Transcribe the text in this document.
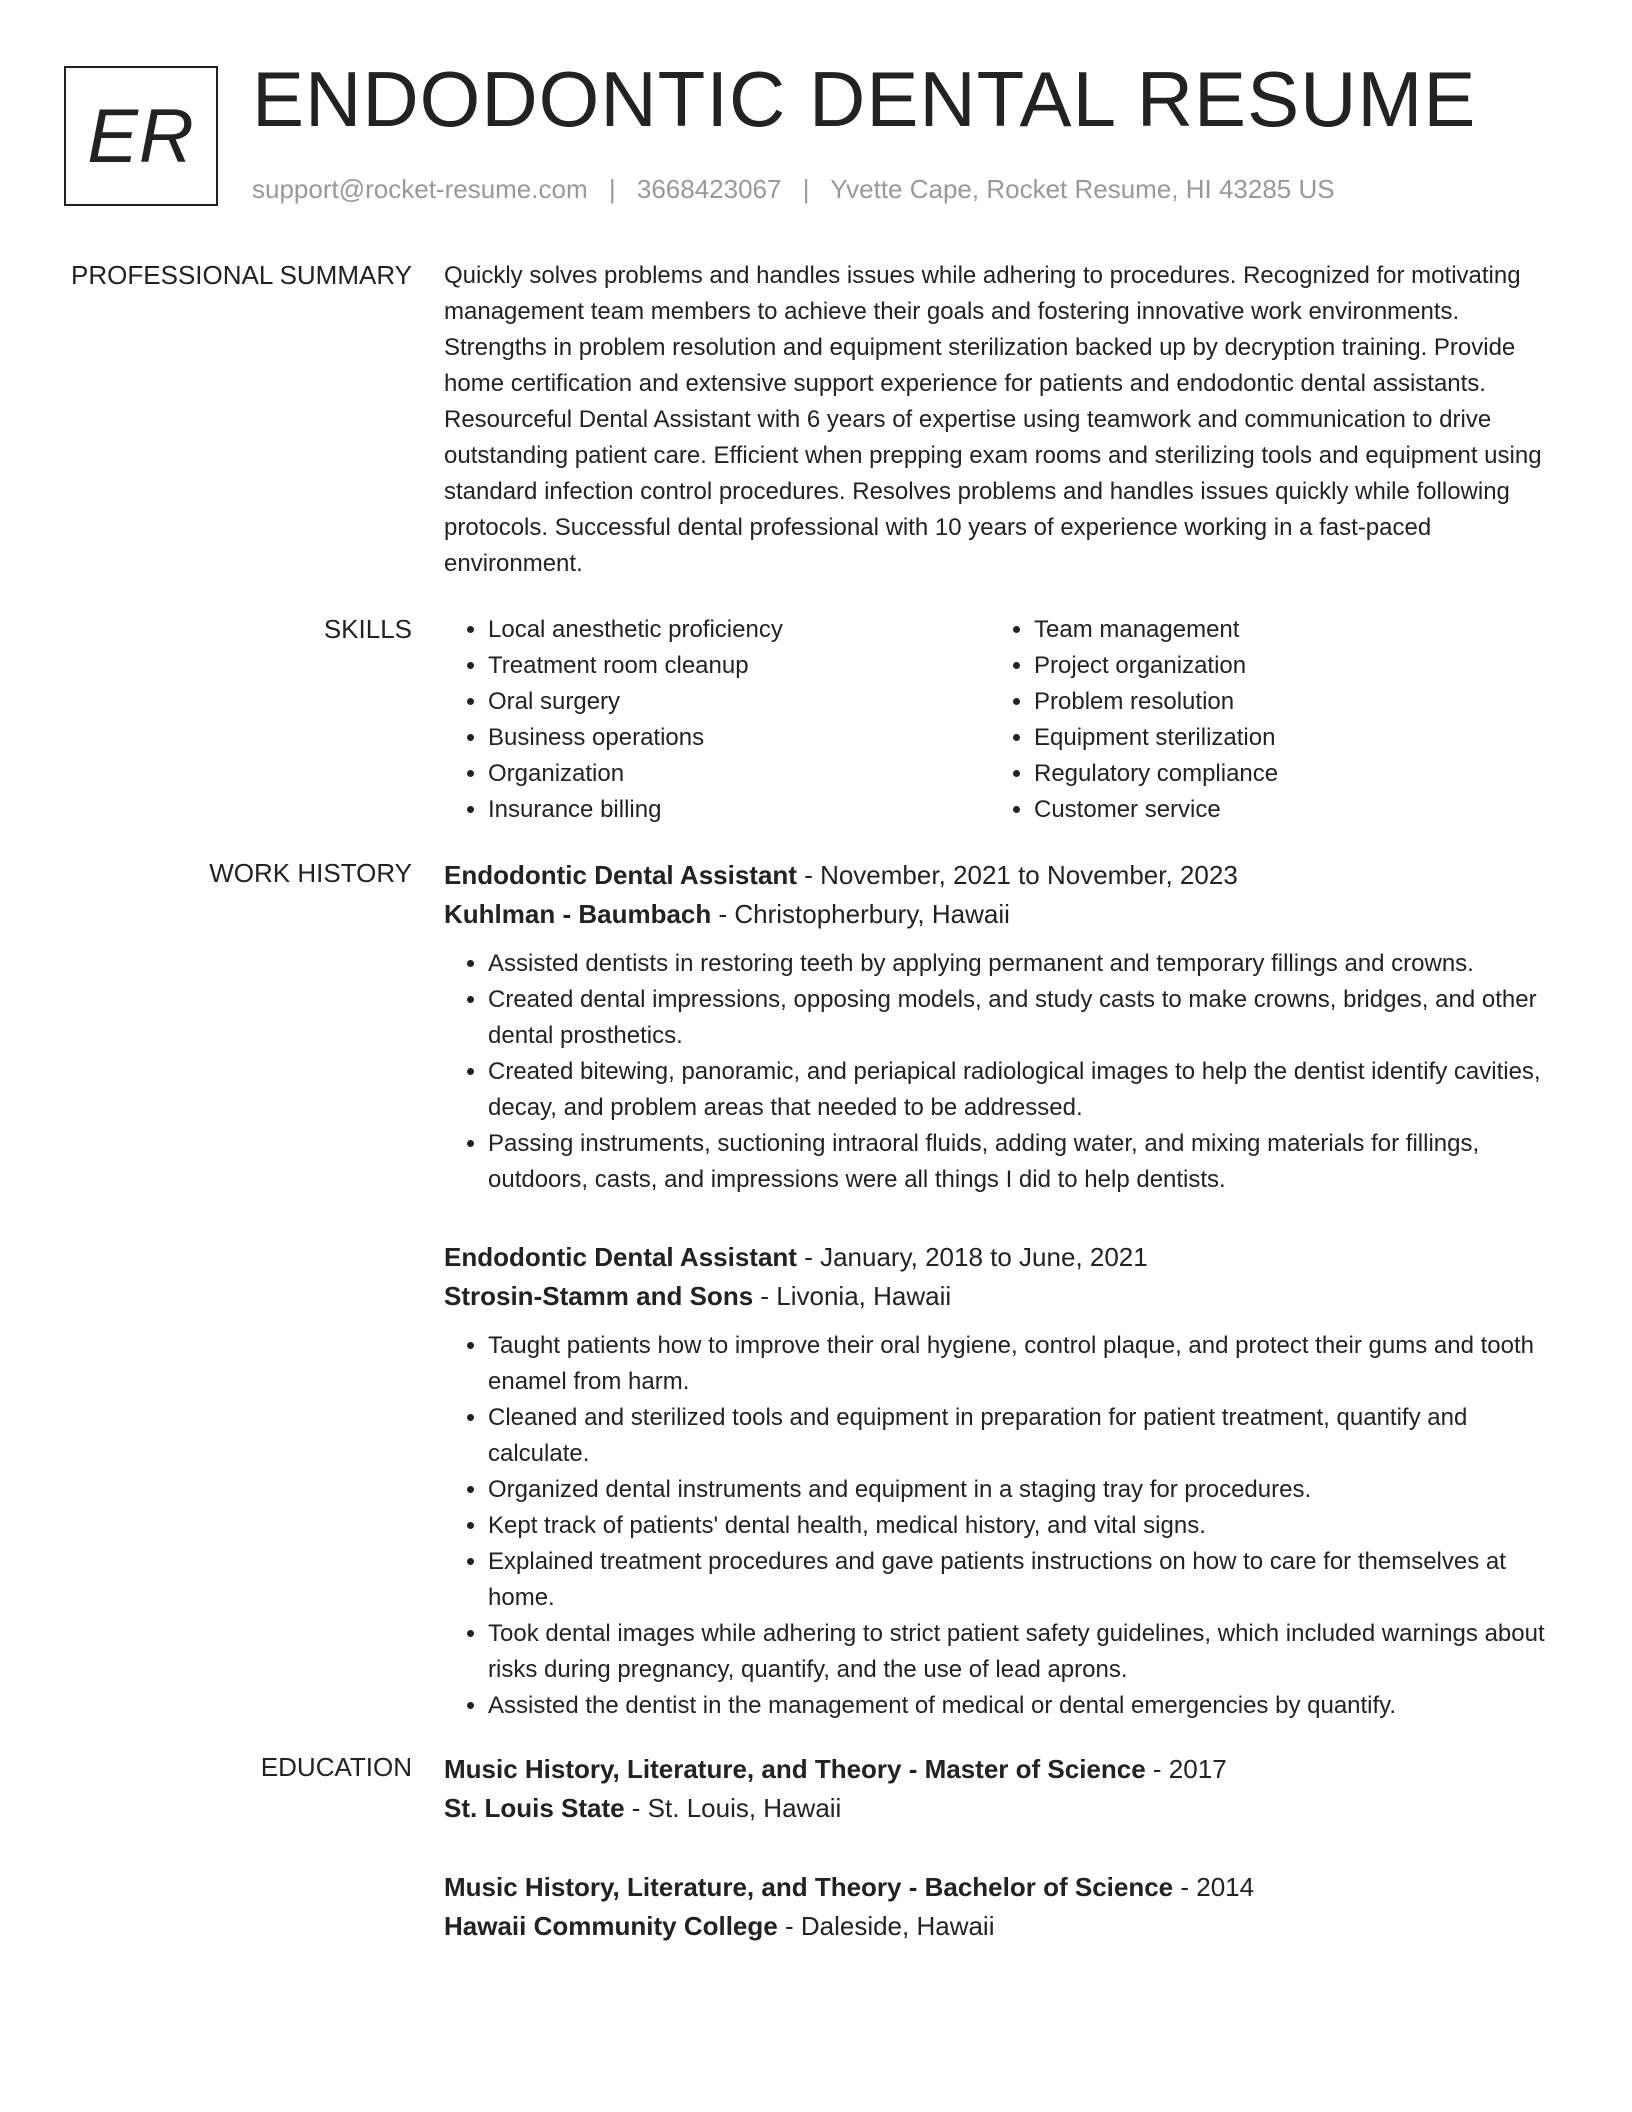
ER ENDODONTIC DENTAL RESUME
support@rocket-resume.com | 3668423067 | Yvette Cape, Rocket Resume, HI 43285 US
PROFESSIONAL SUMMARY Quickly solves problems and handles issues while adhering to procedures. Recognized for motivating management team members to achieve their goals and fostering innovative work environments. Strengths in problem resolution and equipment sterilization backed up by decryption training. Provide home certification and extensive support experience for patients and endodontic dental assistants. Resourceful Dental Assistant with 6 years of expertise using teamwork and communication to drive outstanding patient care. Efficient when prepping exam rooms and sterilizing tools and equipment using standard infection control procedures. Resolves problems and handles issues quickly while following protocols. Successful dental professional with 10 years of experience working in a fast-paced environment.
SKILLS
•	Local anesthetic proficiency
• Treatment room cleanup
• Oral surgery
• Business operations
• Organization
• Insurance billing
• Team management
• Project organization
• Problem resolution
• Equipment sterilization
• Regulatory compliance
• Customer service
WORK HISTORY Endodontic Dental Assistant - November, 2021 to November, 2023
Kuhlman - Baumbach - Christopherbury, Hawaii
• Assisted dentists in restoring teeth by applying permanent and temporary fillings and crowns.
• Created dental impressions, opposing models, and study casts to make crowns, bridges, and other dental prosthetics.
• Created bitewing, panoramic, and periapical radiological images to help the dentist identify cavities, decay, and problem areas that needed to be addressed.
• Passing instruments, suctioning intraoral fluids, adding water, and mixing materials for fillings, outdoors, casts, and impressions were all things I did to help dentists.
Endodontic Dental Assistant - January, 2018 to June, 2021
Strosin-Stamm and Sons - Livonia, Hawaii
• Taught patients how to improve their oral hygiene, control plaque, and protect their gums and tooth enamel from harm.
• Cleaned and sterilized tools and equipment in preparation for patient treatment, quantify and calculate.
• Organized dental instruments and equipment in a staging tray for procedures.
• Kept track of patients' dental health, medical history, and vital signs.
• Explained treatment procedures and gave patients instructions on how to care for themselves at home.
• Took dental images while adhering to strict patient safety guidelines, which included warnings about risks during pregnancy, quantify, and the use of lead aprons.
• Assisted the dentist in the management of medical or dental emergencies by quantify.
EDUCATION Music History, Literature, and Theory - Master of Science - 2017
St. Louis State - St. Louis, Hawaii
Music History, Literature, and Theory - Bachelor of Science - 2014
Hawaii Community College - Daleside, Hawaii
